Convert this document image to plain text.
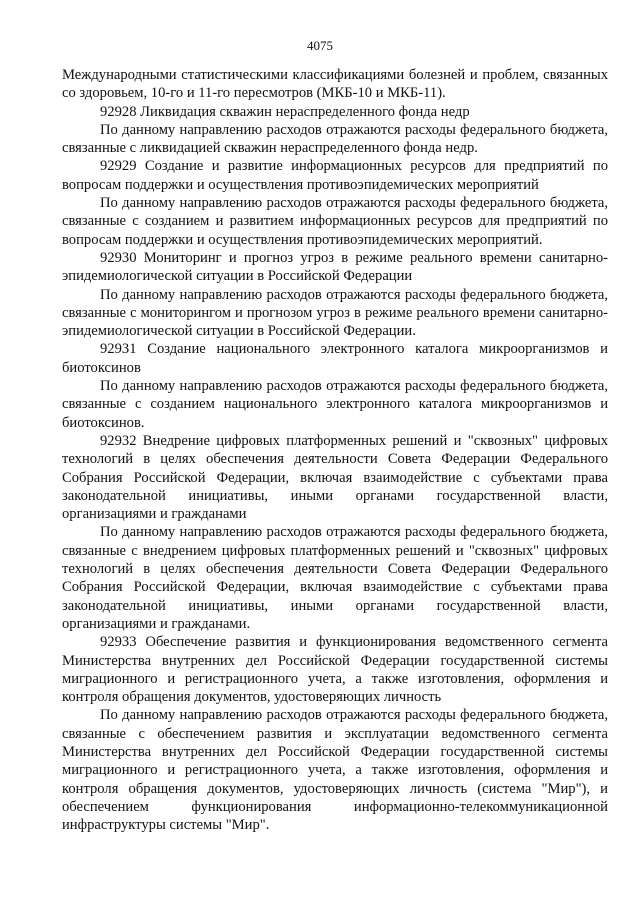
4075

Международными статистическими классификациями болезней и проблем, связанных со здоровьем, 10-го и 11-го пересмотров (МКБ-10 и МКБ-11).

92928 Ликвидация скважин нераспределенного фонда недр

По данному направлению расходов отражаются расходы федерального бюджета, связанные с ликвидацией скважин нераспределенного фонда недр.

92929 Создание и развитие информационных ресурсов для предприятий по вопросам поддержки и осуществления противоэпидемических мероприятий

По данному направлению расходов отражаются расходы федерального бюджета, связанные с созданием и развитием информационных ресурсов для предприятий по вопросам поддержки и осуществления противоэпидемических мероприятий.

92930 Мониторинг и прогноз угроз в режиме реального времени санитарно-эпидемиологической ситуации в Российской Федерации

По данному направлению расходов отражаются расходы федерального бюджета, связанные с мониторингом и прогнозом угроз в режиме реального времени санитарно-эпидемиологической ситуации в Российской Федерации.

92931 Создание национального электронного каталога микроорганизмов и биотоксинов

По данному направлению расходов отражаются расходы федерального бюджета, связанные с созданием национального электронного каталога микроорганизмов и биотоксинов.

92932 Внедрение цифровых платформенных решений и "сквозных" цифровых технологий в целях обеспечения деятельности Совета Федерации Федерального Собрания Российской Федерации, включая взаимодействие с субъектами права законодательной инициативы, иными органами государственной власти, организациями и гражданами

По данному направлению расходов отражаются расходы федерального бюджета, связанные с внедрением цифровых платформенных решений и "сквозных" цифровых технологий в целях обеспечения деятельности Совета Федерации Федерального Собрания Российской Федерации, включая взаимодействие с субъектами права законодательной инициативы, иными органами государственной власти, организациями и гражданами.

92933 Обеспечение развития и функционирования ведомственного сегмента Министерства внутренних дел Российской Федерации государственной системы миграционного и регистрационного учета, а также изготовления, оформления и контроля обращения документов, удостоверяющих личность

По данному направлению расходов отражаются расходы федерального бюджета, связанные с обеспечением развития и эксплуатации ведомственного сегмента Министерства внутренних дел Российской Федерации государственной системы миграционного и регистрационного учета, а также изготовления, оформления и контроля обращения документов, удостоверяющих личность (система "Мир"), и обеспечением функционирования информационно-телекоммуникационной инфраструктуры системы "Мир".
